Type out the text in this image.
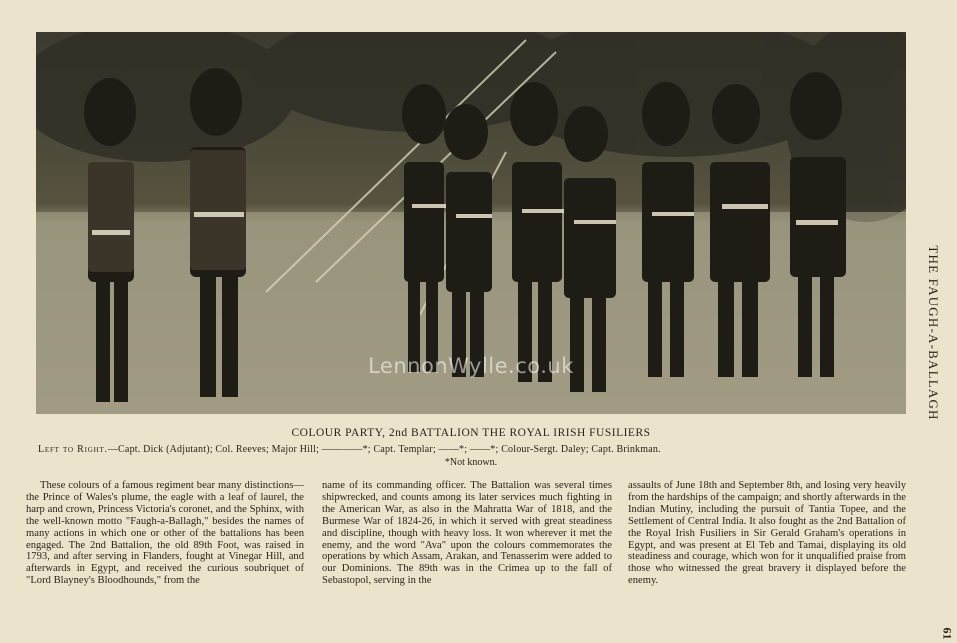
LennonWylle.co.uk	THE FAUGH-A-BALLAGH
61
COLOUR PARTY, 2nd BATTALION THE ROYAL IRISH FUSILIERS
Left to Right.—Capt. Dick (Adjutant); Col. Reeves; Major Hill; ————*; Capt. Templar; ——*; ——*; Colour-Sergt. Daley; Capt. Brinkman.
*Not known.
These colours of a famous regiment bear many distinctions—the Prince of Wales's plume, the eagle with a leaf of laurel, the harp and crown, Princess Victoria's coronet, and the Sphinx, with the well-known motto "Faugh-a-Ballagh," besides the names of many actions in which one or other of the battalions has been engaged. The 2nd Battalion, the old 89th Foot, was raised in 1793, and after serving in Flanders, fought at Vinegar Hill, and afterwards in Egypt, and received the curious soubriquet of "Lord Blayney's Bloodhounds," from the
name of its commanding officer. The Battalion was several times shipwrecked, and counts among its later services much fighting in the American War, as also in the Mahratta War of 1818, and the Burmese War of 1824-26, in which it served with great steadiness and discipline, though with heavy loss. It won wherever it met the enemy, and the word "Ava" upon the colours commemorates the operations by which Assam, Arakan, and Tenasserim were added to our Dominions. The 89th was in the Crimea up to the fall of Sebastopol, serving in the
assaults of June 18th and September 8th, and losing very heavily from the hardships of the campaign; and shortly afterwards in the Indian Mutiny, including the pursuit of Tantia Topee, and the Settlement of Central India. It also fought as the 2nd Battalion of the Royal Irish Fusiliers in Sir Gerald Graham's operations in Egypt, and was present at El Teb and Tamai, displaying its old steadiness and courage, which won for it unqualified praise from those who witnessed the great bravery it displayed before the enemy.
